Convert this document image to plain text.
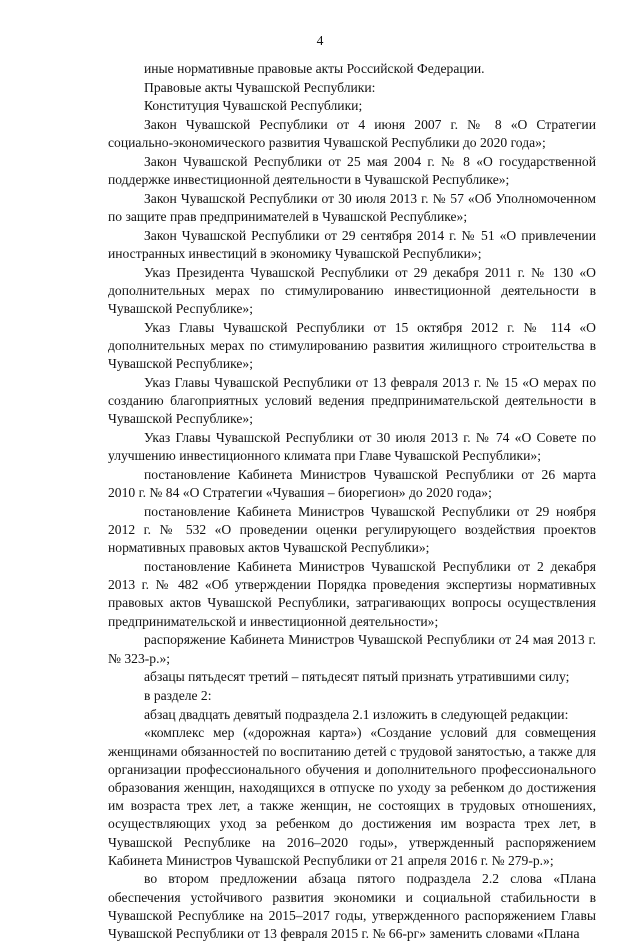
4

иные нормативные правовые акты Российской Федерации.

Правовые акты Чувашской Республики:

Конституция Чувашской Республики;

Закон Чувашской Республики от 4 июня 2007 г. № 8 «О Стратегии социально-экономического развития Чувашской Республики до 2020 года»;

Закон Чувашской Республики от 25 мая 2004 г. № 8 «О государственной поддержке инвестиционной деятельности в Чувашской Республике»;

Закон Чувашской Республики от 30 июля 2013 г. № 57 «Об Уполномоченном по защите прав предпринимателей в Чувашской Республике»;

Закон Чувашской Республики от 29 сентября 2014 г. № 51 «О привлечении иностранных инвестиций в экономику Чувашской Республики»;

Указ Президента Чувашской Республики от 29 декабря 2011 г. № 130 «О дополнительных мерах по стимулированию инвестиционной деятельности в Чувашской Республике»;

Указ Главы Чувашской Республики от 15 октября 2012 г. № 114 «О дополнительных мерах по стимулированию развития жилищного строительства в Чувашской Республике»;

Указ Главы Чувашской Республики от 13 февраля 2013 г. № 15 «О мерах по созданию благоприятных условий ведения предпринимательской деятельности в Чувашской Республике»;

Указ Главы Чувашской Республики от 30 июля 2013 г. № 74 «О Совете по улучшению инвестиционного климата при Главе Чувашской Республики»;

постановление Кабинета Министров Чувашской Республики от 26 марта 2010 г. № 84 «О Стратегии «Чувашия – биорегион» до 2020 года»;

постановление Кабинета Министров Чувашской Республики от 29 ноября 2012 г. № 532 «О проведении оценки регулирующего воздействия проектов нормативных правовых актов Чувашской Республики»;

постановление Кабинета Министров Чувашской Республики от 2 декабря 2013 г. № 482 «Об утверждении Порядка проведения экспертизы нормативных правовых актов Чувашской Республики, затрагивающих вопросы осуществления предпринимательской и инвестиционной деятельности»;

распоряжение Кабинета Министров Чувашской Республики от 24 мая 2013 г. № 323-р.»;

абзацы пятьдесят третий – пятьдесят пятый признать утратившими силу;

в разделе 2:

абзац двадцать девятый подраздела 2.1 изложить в следующей редакции:

«комплекс мер («дорожная карта») «Создание условий для совмещения женщинами обязанностей по воспитанию детей с трудовой занятостью, а также для организации профессионального обучения и дополнительного профессионального образования женщин, находящихся в отпуске по уходу за ребенком до достижения им возраста трех лет, а также женщин, не состоящих в трудовых отношениях, осуществляющих уход за ребенком до достижения им возраста трех лет, в Чувашской Республике на 2016–2020 годы», утвержденный распоряжением Кабинета Министров Чувашской Республики от 21 апреля 2016 г. № 279-р.»;

во втором предложении абзаца пятого подраздела 2.2 слова «Плана обеспечения устойчивого развития экономики и социальной стабильности в Чувашской Республике на 2015–2017 годы, утвержденного распоряжением Главы Чувашской Республики от 13 февраля 2015 г. № 66-рг» заменить словами «Плана
